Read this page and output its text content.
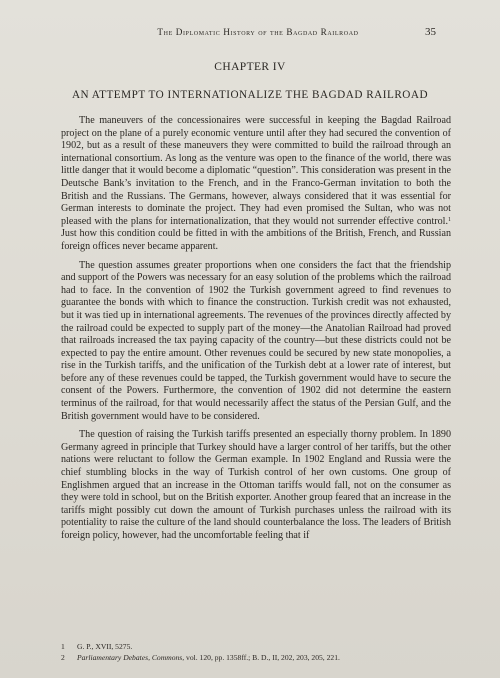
The Diplomatic History of the Bagdad Railroad	35
CHAPTER IV
AN ATTEMPT TO INTERNATIONALIZE THE BAGDAD RAILROAD

The maneuvers of the concessionaires were successful in keeping the Bagdad Railroad project on the plane of a purely economic venture until after they had secured the convention of 1902, but as a result of these maneuvers they were committed to build the railroad through an international consortium. As long as the venture was open to the finance of the world, there was little danger that it would become a diplomatic “question”. This consideration was present in the Deutsche Bank’s invitation to the French, and in the Franco-German invitation to both the British and the Russians. The Germans, however, always considered that it was essential for German interests to dominate the project. They had even promised the Sultan, who was not pleased with the plans for internationalization, that they would not surrender effective control.$^1$ Just how this condition could be fitted in with the ambitions of the British, French, and Russian foreign offices never became apparent.

The question assumes greater proportions when one considers the fact that the friendship and support of the Powers was necessary for an easy solution of the problems which the railroad had to face. In the convention of 1902 the Turkish government agreed to find revenues to guarantee the bonds with which to finance the construction. Turkish credit was not exhausted, but it was tied up in international agreements. The revenues of the provinces directly affected by the railroad could be expected to supply part of the money—the Anatolian Railroad had proved that railroads increased the tax paying capacity of the country—but these districts could not be expected to pay the entire amount. Other revenues could be secured by new state monopolies, a rise in the Turkish tariffs, and the unification of the Turkish debt at a lower rate of interest, but before any of these revenues could be tapped, the Turkish government would have to secure the consent of the Powers. Furthermore, the convention of 1902 did not determine the eastern terminus of the railroad, for that would necessarily affect the status of the Persian Gulf, and the British government would have to be considered.

The question of raising the Turkish tariffs presented an especially thorny problem. In 1890 Germany agreed in principle that Turkey should have a larger control of her tariffs, but the other nations were reluctant to follow the German example. In 1902 England and Russia were the chief stumbling blocks in the way of Turkish control of her own customs. One group of Englishmen argued that an increase in the Ottoman tariffs would fall, not on the consumer as they were told in school, but on the British exporter. Another group feared that an increase in the tariffs might possibly cut down the amount of Turkish purchases unless the railroad with its potentiality to raise the culture of the land should counterbalance the loss. The leaders of British foreign policy, however, had the uncomfortable feeling that if

1	G. P., XVII, 5275.
2	Parliamentary Debates, Commons, vol. 120, pp. 1358ff.; B. D., II, 202, 203, 205, 221.
